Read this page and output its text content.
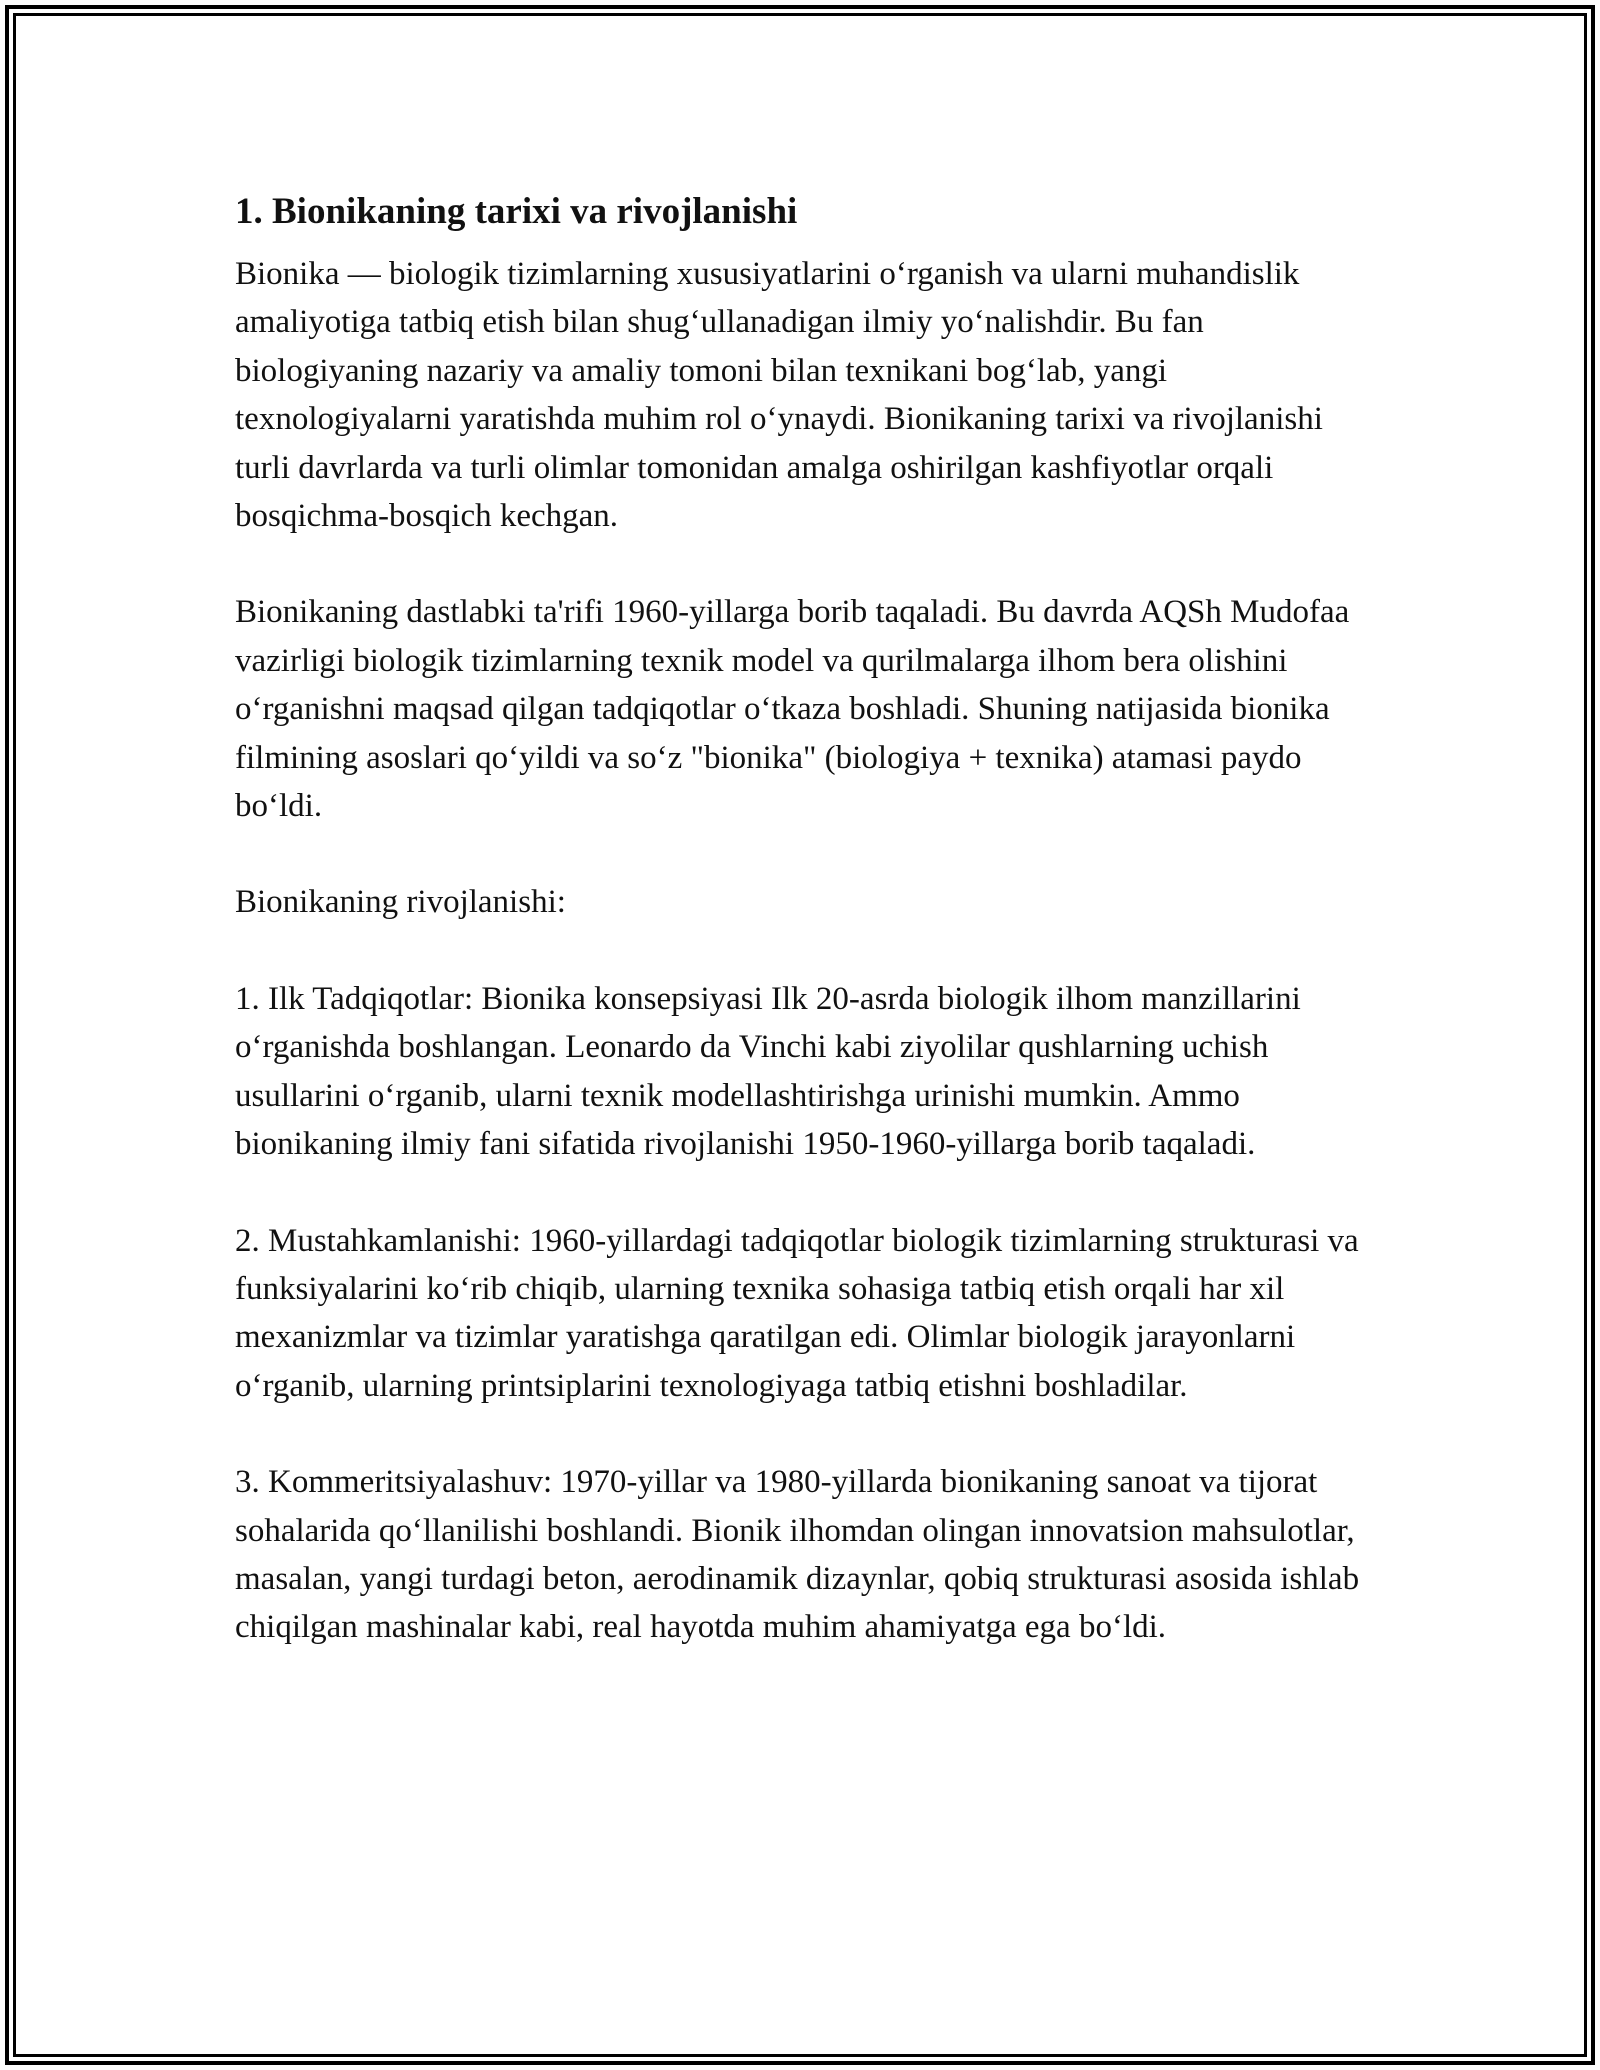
1. Bionikaning tarixi va rivojlanishi

Bionika — biologik tizimlarning xususiyatlarini o‘rganish va ularni muhandislik amaliyotiga tatbiq etish bilan shug‘ullanadigan ilmiy yo‘nalishdir. Bu fan biologiyaning nazariy va amaliy tomoni bilan texnikani bog‘lab, yangi texnologiyalarni yaratishda muhim rol o‘ynaydi. Bionikaning tarixi va rivojlanishi turli davrlarda va turli olimlar tomonidan amalga oshirilgan kashfiyotlar orqali bosqichma-bosqich kechgan.

Bionikaning dastlabki ta'rifi 1960-yillarga borib taqaladi. Bu davrda AQSh Mudofaa vazirligi biologik tizimlarning texnik model va qurilmalarga ilhom bera olishini o‘rganishni maqsad qilgan tadqiqotlar o‘tkaza boshladi. Shuning natijasida bionika filmining asoslari qo‘yildi va so‘z "bionika" (biologiya + texnika) atamasi paydo bo‘ldi.

Bionikaning rivojlanishi:

1. Ilk Tadqiqotlar: Bionika konsepsiyasi Ilk 20-asrda biologik ilhom manzillarini o‘rganishda boshlangan. Leonardo da Vinchi kabi ziyolilar qushlarning uchish usullarini o‘rganib, ularni texnik modellashtirishga urinishi mumkin. Ammo bionikaning ilmiy fani sifatida rivojlanishi 1950-1960-yillarga borib taqaladi.

2. Mustahkamlanishi: 1960-yillardagi tadqiqotlar biologik tizimlarning strukturasi va funksiyalarini ko‘rib chiqib, ularning texnika sohasiga tatbiq etish orqali har xil mexanizmlar va tizimlar yaratishga qaratilgan edi. Olimlar biologik jarayonlarni o‘rganib, ularning printsiplarini texnologiyaga tatbiq etishni boshladilar.

3. Kommeritsiyalashuv: 1970-yillar va 1980-yillarda bionikaning sanoat va tijorat sohalarida qo‘llanilishi boshlandi. Bionik ilhomdan olingan innovatsion mahsulotlar, masalan, yangi turdagi beton, aerodinamik dizaynlar, qobiq strukturasi asosida ishlab chiqilgan mashinalar kabi, real hayotda muhim ahamiyatga ega bo‘ldi.
